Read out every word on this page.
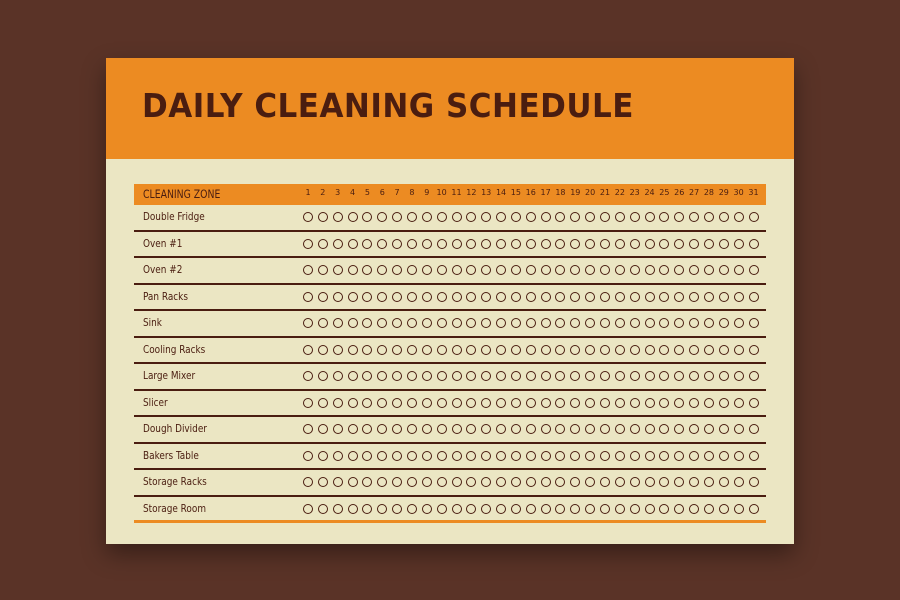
DAILY CLEANING SCHEDULE
CLEANING ZONE	1	2	3	4	5	6	7	8	9 10 11 12 13 14 15 16 17 18 19 20 21 22 23 24 25 26 27 28 29 30 31
Double Fridge
Oven #1
Oven #2
Pan Racks
Sink
Cooling Racks
Large Mixer
Slicer
Dough Divider
Bakers Table
Storage Racks
Storage Room
